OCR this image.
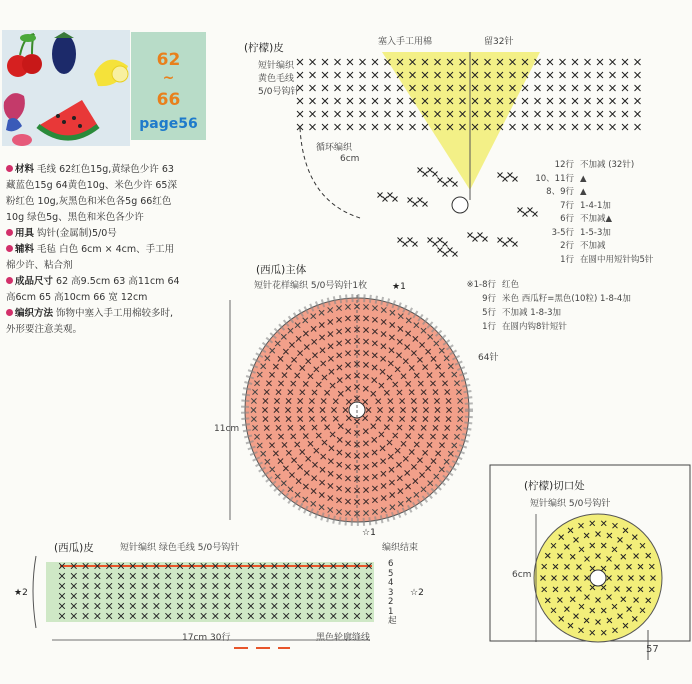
62
~
66
page56
材料 毛线 62红色15g,黄绿色少许 63
藏蓝色15g 64黄色10g、米色少许 65深
粉红色 10g,灰黑色和米色各5g 66红色
10g 绿色5g、黑色和米色各少许
用具 钩针(金属制)5/0号
辅料 毛毡 白色 6cm × 4cm、手工用
棉少许、粘合剂
成品尺寸 62 高9.5cm 63 高11cm 64
高6cm 65 高10cm 66 宽 12cm
编织方法 饰物中塞入手工用棉较多时,
外形要注意美观。
(柠檬)皮
短针编织
黄色毛线
5/0号钩针
塞入手工用棉	留32针
循环编织
6cm
12行 不加减 (32针)
10、11行 ▲
8、9行 ▲
7行 1-4-1加
6行 不加减▲
3-5行 1-5-3加
2行 不加减
1行 在圆中用短针钩5针
(西瓜)主体
短针花样编织 5/0号钩针1枚	★1
64针
11cm
☆1
※1-8行 红色
9行 米色 西瓜籽=黑色(10粒) 1-8-4加
5行 不加减 1-8-3加
1行 在圆内钩8针短针
(柠檬)切口处
短针编织 5/0号钩针
6cm
(西瓜)皮	短针编织 绿色毛线 5/0号钩针	编织结束
★2	☆2
17cm 30行	黑色轮廓缝线
6
5
4
3
2
1
起
57
